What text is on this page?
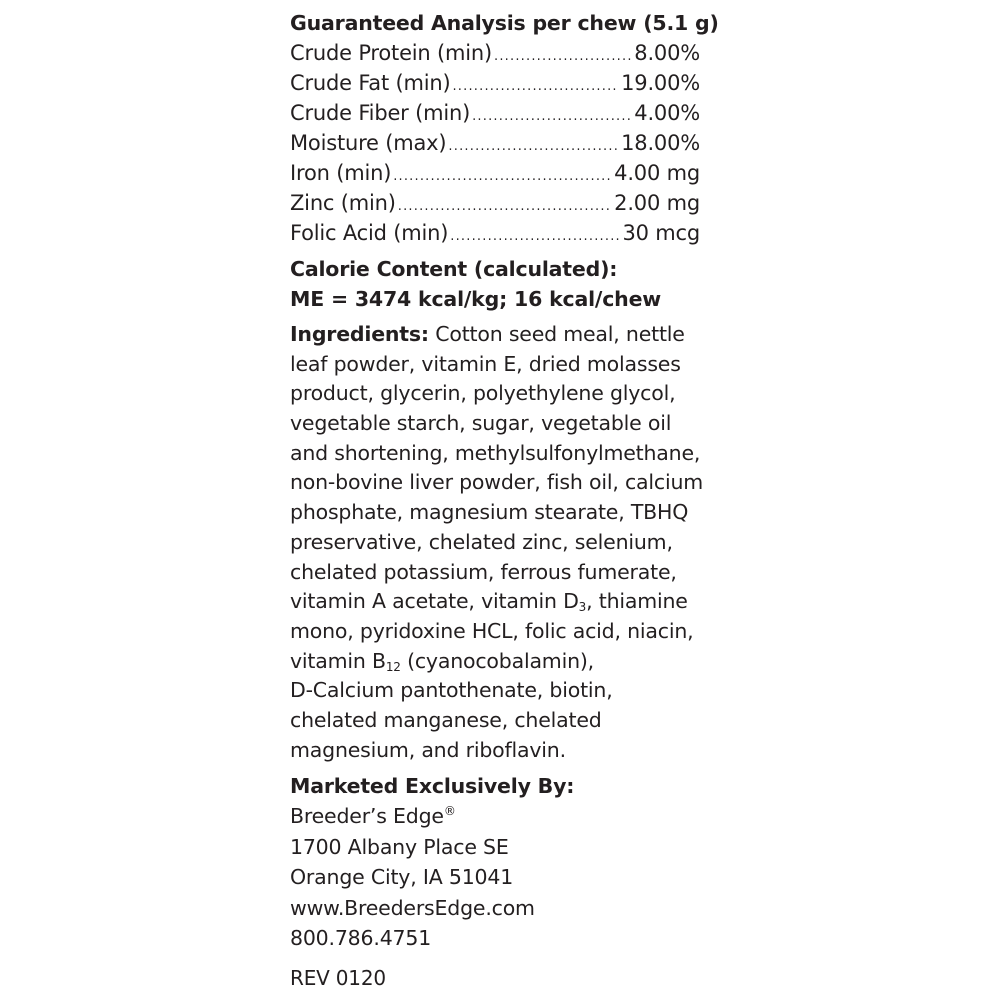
Guaranteed Analysis per chew (5.1 g)
Crude Protein (min) .....	8.00%
Crude Fat (min) .....	19.00%
Crude Fiber (min) .....	4.00%
Moisture (max) .....	18.00%
Iron (min) .....	4.00 mg
Zinc (min) .....	2.00 mg
Folic Acid (min) .....	30 mcg
Calorie Content (calculated):
ME = 3474 kcal/kg; 16 kcal/chew
Ingredients: Cotton seed meal, nettle
leaf powder, vitamin E, dried molasses
product, glycerin, polyethylene glycol,
vegetable starch, sugar, vegetable oil
and shortening, methylsulfonylmethane,
non-bovine liver powder, fish oil, calcium
phosphate, magnesium stearate, TBHQ
preservative, chelated zinc, selenium,
chelated potassium, ferrous fumerate,
vitamin A acetate, vitamin $D_3$, thiamine
mono, pyridoxine HCL, folic acid, niacin,
vitamin $B_{12}$ (cyanocobalamin),
D-Calcium pantothenate, biotin,
chelated manganese, chelated
magnesium, and riboflavin.
Marketed Exclusively By:
Breeder’s Edge®
1700 Albany Place SE
Orange City, IA 51041
www.BreedersEdge.com
800.786.4751
REV 0120
